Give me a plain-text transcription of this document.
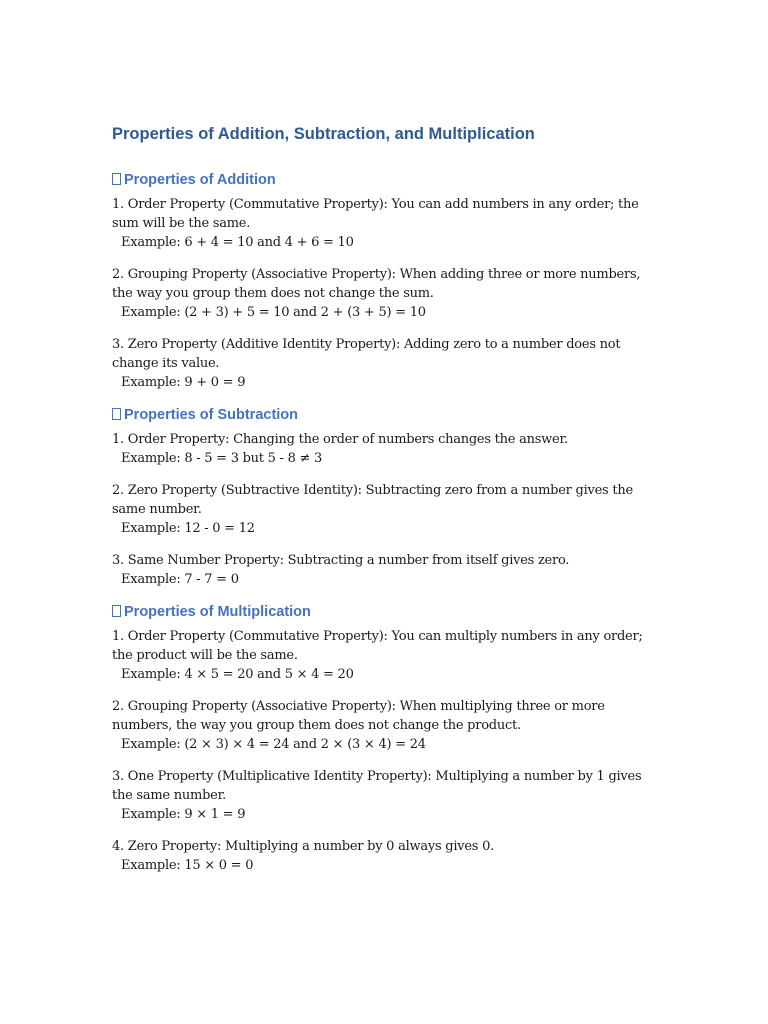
Properties of Addition, Subtraction, and Multiplication
Properties of Addition

1. Order Property (Commutative Property): You can add numbers in any order; the sum will be the same.

Example: 6 + 4 = 10 and 4 + 6 = 10

2. Grouping Property (Associative Property): When adding three or more numbers, the way you group them does not change the sum.

Example: (2 + 3) + 5 = 10 and 2 + (3 + 5) = 10

3. Zero Property (Additive Identity Property): Adding zero to a number does not change its value.

Example: 9 + 0 = 9

Properties of Subtraction

1. Order Property: Changing the order of numbers changes the answer.

Example: 8 - 5 = 3 but 5 - 8 ≠ 3

2. Zero Property (Subtractive Identity): Subtracting zero from a number gives the same number.

Example: 12 - 0 = 12

3. Same Number Property: Subtracting a number from itself gives zero.

Example: 7 - 7 = 0

Properties of Multiplication

1. Order Property (Commutative Property): You can multiply numbers in any order; the product will be the same.

Example: 4 × 5 = 20 and 5 × 4 = 20

2. Grouping Property (Associative Property): When multiplying three or more numbers, the way you group them does not change the product.

Example: (2 × 3) × 4 = 24 and 2 × (3 × 4) = 24

3. One Property (Multiplicative Identity Property): Multiplying a number by 1 gives the same number.

Example: 9 × 1 = 9

4. Zero Property: Multiplying a number by 0 always gives 0.

Example: 15 × 0 = 0
